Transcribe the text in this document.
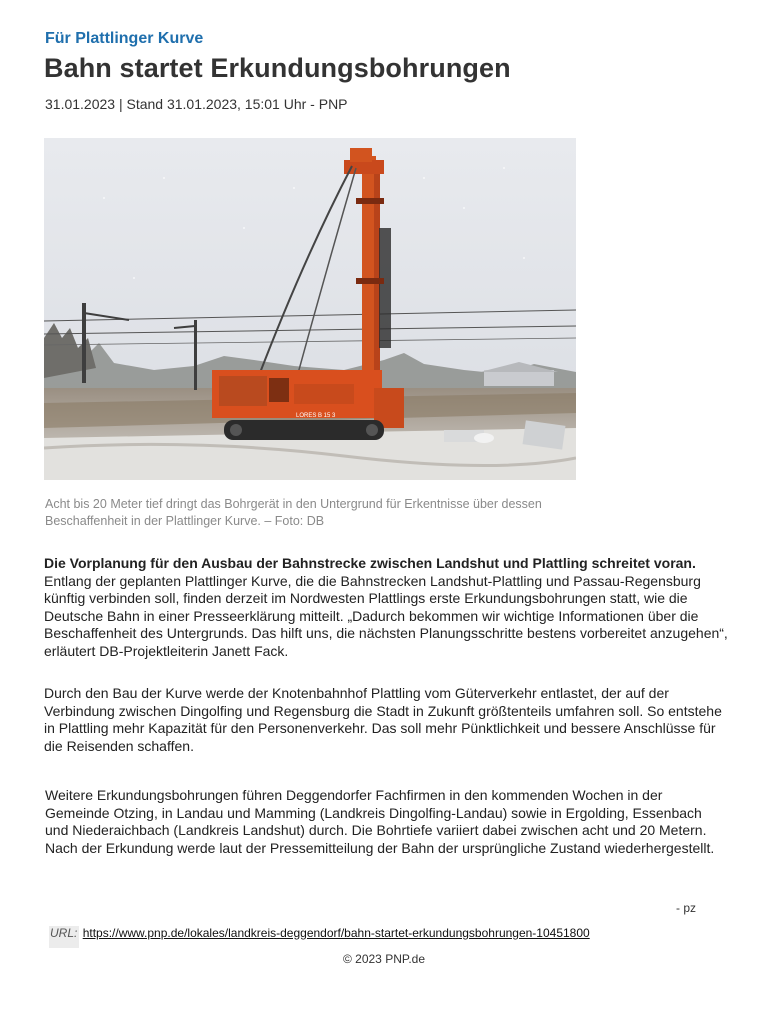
Für Plattlinger Kurve
Bahn startet Erkundungsbohrungen
31.01.2023 | Stand 31.01.2023, 15:01 Uhr - PNP
LORES B 15 3
Acht bis 20 Meter tief dringt das Bohrgerät in den Untergrund für Erkentnisse über dessen
Beschaffenheit in der Plattlinger Kurve. – Foto: DB
Die Vorplanung für den Ausbau der Bahnstrecke zwischen Landshut und Plattling schreitet voran.
Entlang der geplanten Plattlinger Kurve, die die Bahnstrecken Landshut-Plattling und Passau-Regensburg künftig verbinden soll, finden derzeit im Nordwesten Plattlings erste Erkundungsbohrungen statt, wie die Deutsche Bahn in einer Presseerklärung mitteilt. „Dadurch bekommen wir wichtige Informationen über die Beschaffenheit des Untergrunds. Das hilft uns, die nächsten Planungsschritte bestens vorbereitet anzugehen“, erläutert DB-Projektleiterin Janett Fack.
Durch den Bau der Kurve werde der Knotenbahnhof Plattling vom Güterverkehr entlastet, der auf der Verbindung zwischen Dingolfing und Regensburg die Stadt in Zukunft größtenteils umfahren soll. So entstehe in Plattling mehr Kapazität für den Personenverkehr. Das soll mehr Pünktlichkeit und bessere Anschlüsse für die Reisenden schaffen.
Weitere Erkundungsbohrungen führen Deggendorfer Fachfirmen in den kommenden Wochen in der Gemeinde Otzing, in Landau und Mamming (Landkreis Dingolfing-Landau) sowie in Ergolding, Essenbach und Niederaichbach (Landkreis Landshut) durch. Die Bohrtiefe variiert dabei zwischen acht und 20 Metern. Nach der Erkundung werde laut der Pressemitteilung der Bahn der ursprüngliche Zustand wiederhergestellt.
- pz
URL: https://www.pnp.de/lokales/landkreis-deggendorf/bahn-startet-erkundungsbohrungen-10451800
© 2023 PNP.de
